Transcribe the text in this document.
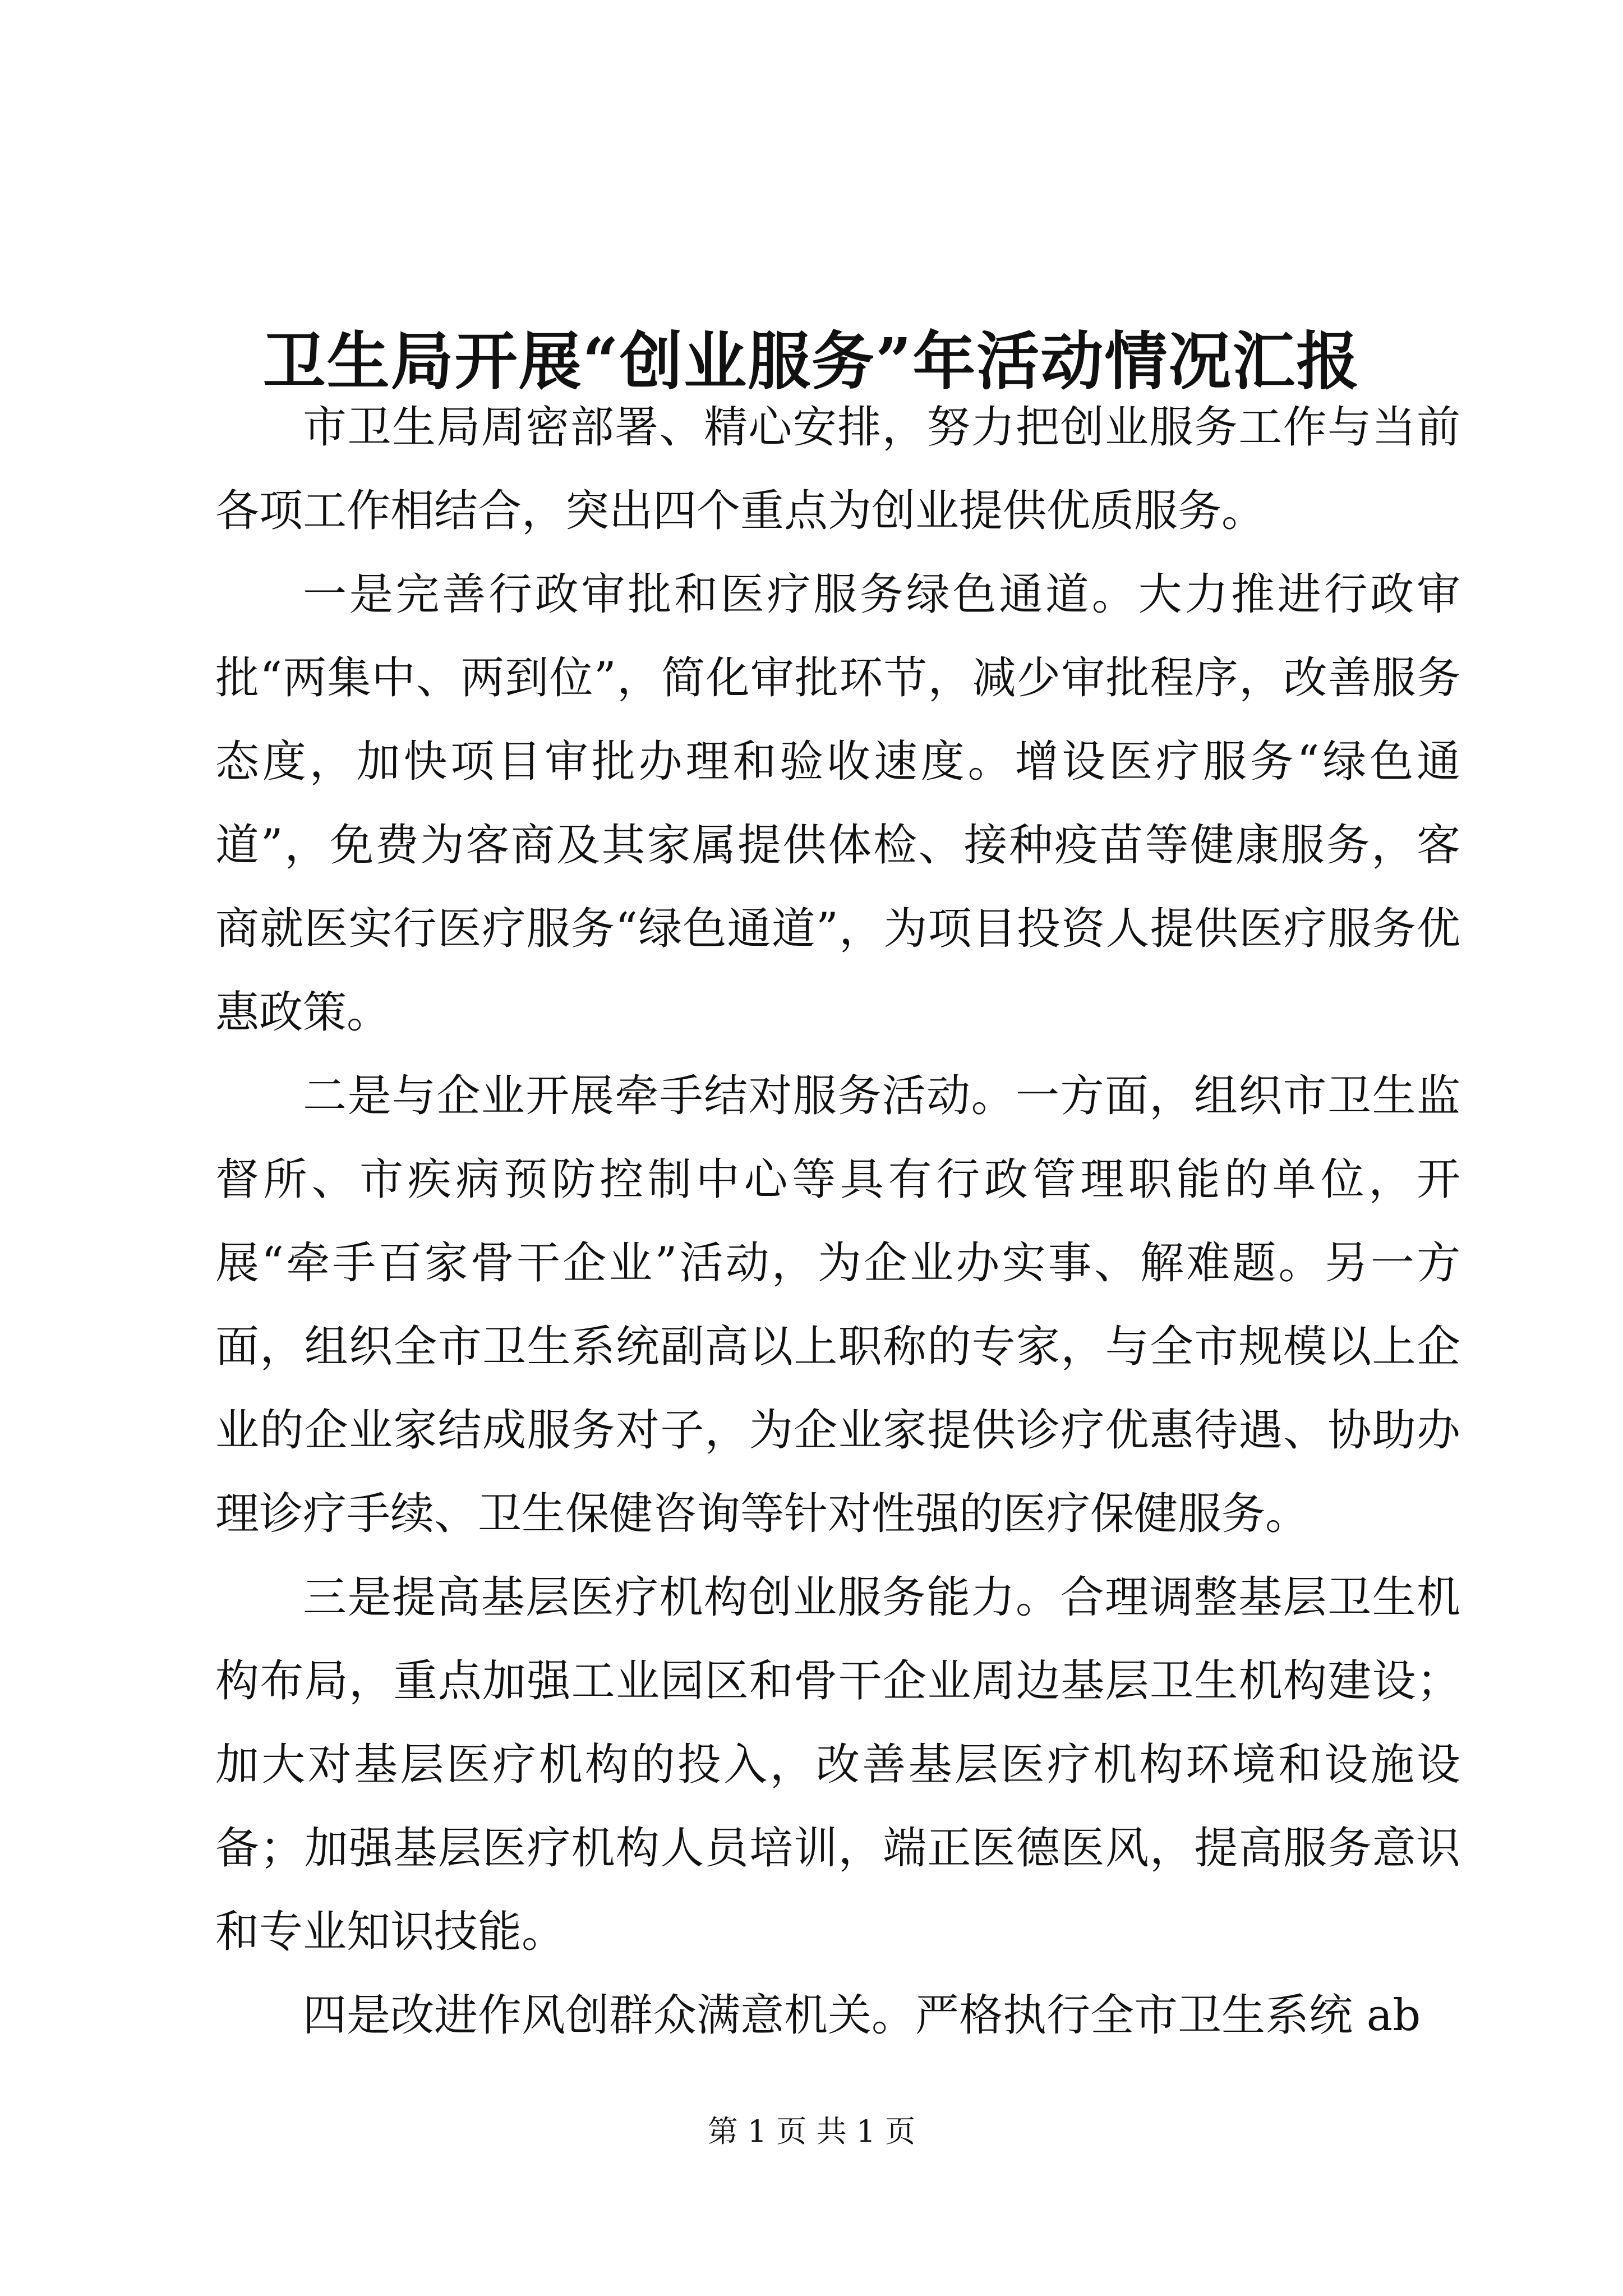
卫生局开展“创业服务”年活动情况汇报

市卫生局周密部署、精心安排，努力把创业服务工作与当前各项工作相结合，突出四个重点为创业提供优质服务。

一是完善行政审批和医疗服务绿色通道。大力推进行政审批“两集中、两到位”，简化审批环节，减少审批程序，改善服务态度，加快项目审批办理和验收速度。增设医疗服务“绿色通道”，免费为客商及其家属提供体检、接种疫苗等健康服务，客商就医实行医疗服务“绿色通道”，为项目投资人提供医疗服务优惠政策。

二是与企业开展牵手结对服务活动。一方面，组织市卫生监督所、市疾病预防控制中心等具有行政管理职能的单位，开展“牵手百家骨干企业”活动，为企业办实事、解难题。另一方面，组织全市卫生系统副高以上职称的专家，与全市规模以上企业的企业家结成服务对子，为企业家提供诊疗优惠待遇、协助办理诊疗手续、卫生保健咨询等针对性强的医疗保健服务。

三是提高基层医疗机构创业服务能力。合理调整基层卫生机构布局，重点加强工业园区和骨干企业周边基层卫生机构建设；加大对基层医疗机构的投入，改善基层医疗机构环境和设施设备；加强基层医疗机构人员培训，端正医德医风，提高服务意识和专业知识技能。

四是改进作风创群众满意机关。严格执行全市卫生系统 ab

第 1 页 共 1 页
